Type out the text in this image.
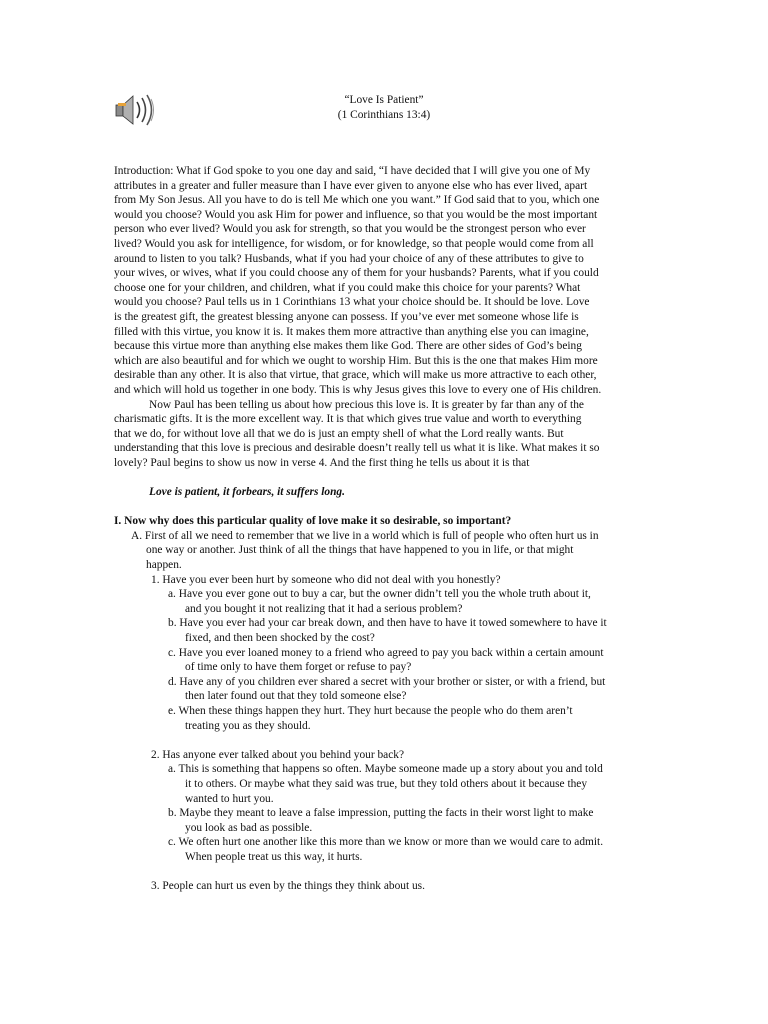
“Love Is Patient”
(1 Corinthians 13:4)
Introduction: What if God spoke to you one day and said, “I have decided that I will give you one of My
attributes in a greater and fuller measure than I have ever given to anyone else who has ever lived, apart
from My Son Jesus. All you have to do is tell Me which one you want.” If God said that to you, which one
would you choose? Would you ask Him for power and influence, so that you would be the most important
person who ever lived? Would you ask for strength, so that you would be the strongest person who ever
lived? Would you ask for intelligence, for wisdom, or for knowledge, so that people would come from all
around to listen to you talk? Husbands, what if you had your choice of any of these attributes to give to
your wives, or wives, what if you could choose any of them for your husbands? Parents, what if you could
choose one for your children, and children, what if you could make this choice for your parents? What
would you choose? Paul tells us in 1 Corinthians 13 what your choice should be. It should be love. Love
is the greatest gift, the greatest blessing anyone can possess. If you’ve ever met someone whose life is
filled with this virtue, you know it is. It makes them more attractive than anything else you can imagine,
because this virtue more than anything else makes them like God. There are other sides of God’s being
which are also beautiful and for which we ought to worship Him. But this is the one that makes Him more
desirable than any other. It is also that virtue, that grace, which will make us more attractive to each other,
and which will hold us together in one body. This is why Jesus gives this love to every one of His children.
Now Paul has been telling us about how precious this love is. It is greater by far than any of the
charismatic gifts. It is the more excellent way. It is that which gives true value and worth to everything
that we do, for without love all that we do is just an empty shell of what the Lord really wants. But
understanding that this love is precious and desirable doesn’t really tell us what it is like. What makes it so
lovely? Paul begins to show us now in verse 4. And the first thing he tells us about it is that
Love is patient, it forbears, it suffers long.
I. Now why does this particular quality of love make it so desirable, so important?
A. First of all we need to remember that we live in a world which is full of people who often hurt us in
one way or another. Just think of all the things that have happened to you in life, or that might
happen.
1. Have you ever been hurt by someone who did not deal with you honestly?
a. Have you ever gone out to buy a car, but the owner didn’t tell you the whole truth about it,
and you bought it not realizing that it had a serious problem?
b. Have you ever had your car break down, and then have to have it towed somewhere to have it
fixed, and then been shocked by the cost?
c. Have you ever loaned money to a friend who agreed to pay you back within a certain amount
of time only to have them forget or refuse to pay?
d. Have any of you children ever shared a secret with your brother or sister, or with a friend, but
then later found out that they told someone else?
e. When these things happen they hurt. They hurt because the people who do them aren’t
treating you as they should.
2. Has anyone ever talked about you behind your back?
a. This is something that happens so often. Maybe someone made up a story about you and told
it to others. Or maybe what they said was true, but they told others about it because they
wanted to hurt you.
b. Maybe they meant to leave a false impression, putting the facts in their worst light to make
you look as bad as possible.
c. We often hurt one another like this more than we know or more than we would care to admit.
When people treat us this way, it hurts.
3. People can hurt us even by the things they think about us.
